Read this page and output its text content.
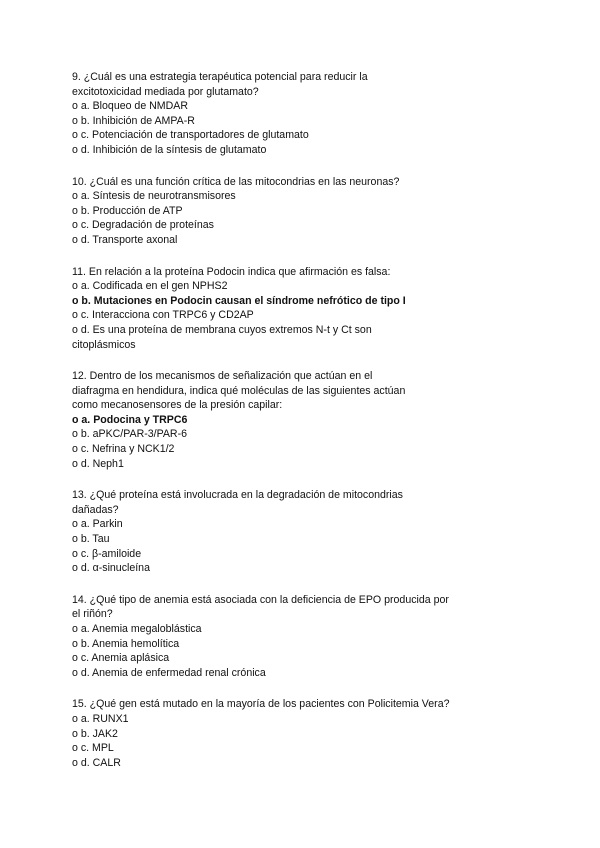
9. ¿Cuál es una estrategia terapéutica potencial para reducir la
excitotoxicidad mediada por glutamato?
o a. Bloqueo de NMDAR
o b. Inhibición de AMPA-R
o c. Potenciación de transportadores de glutamato
o d. Inhibición de la síntesis de glutamato
10. ¿Cuál es una función crítica de las mitocondrias en las neuronas?
o a. Síntesis de neurotransmisores
o b. Producción de ATP
o c. Degradación de proteínas
o d. Transporte axonal
11. En relación a la proteína Podocin indica que afirmación es falsa:
o a. Codificada en el gen NPHS2
o b. Mutaciones en Podocin causan el síndrome nefrótico de tipo I
o c. Interacciona con TRPC6 y CD2AP
o d. Es una proteína de membrana cuyos extremos N-t y Ct son
citoplásmicos
12. Dentro de los mecanismos de señalización que actúan en el
diafragma en hendidura, indica qué moléculas de las siguientes actúan
como mecanosensores de la presión capilar:
o a. Podocina y TRPC6
o b. aPKC/PAR-3/PAR-6
o c. Nefrina y NCK1/2
o d. Neph1
13. ¿Qué proteína está involucrada en la degradación de mitocondrias
dañadas?
o a. Parkin
o b. Tau
o c. β-amiloide
o d. α-sinucleína
14. ¿Qué tipo de anemia está asociada con la deficiencia de EPO producida por
el riñón?
o a. Anemia megaloblástica
o b. Anemia hemolítica
o c. Anemia aplásica
o d. Anemia de enfermedad renal crónica
15. ¿Qué gen está mutado en la mayoría de los pacientes con Policitemia Vera?
o a. RUNX1
o b. JAK2
o c. MPL
o d. CALR
